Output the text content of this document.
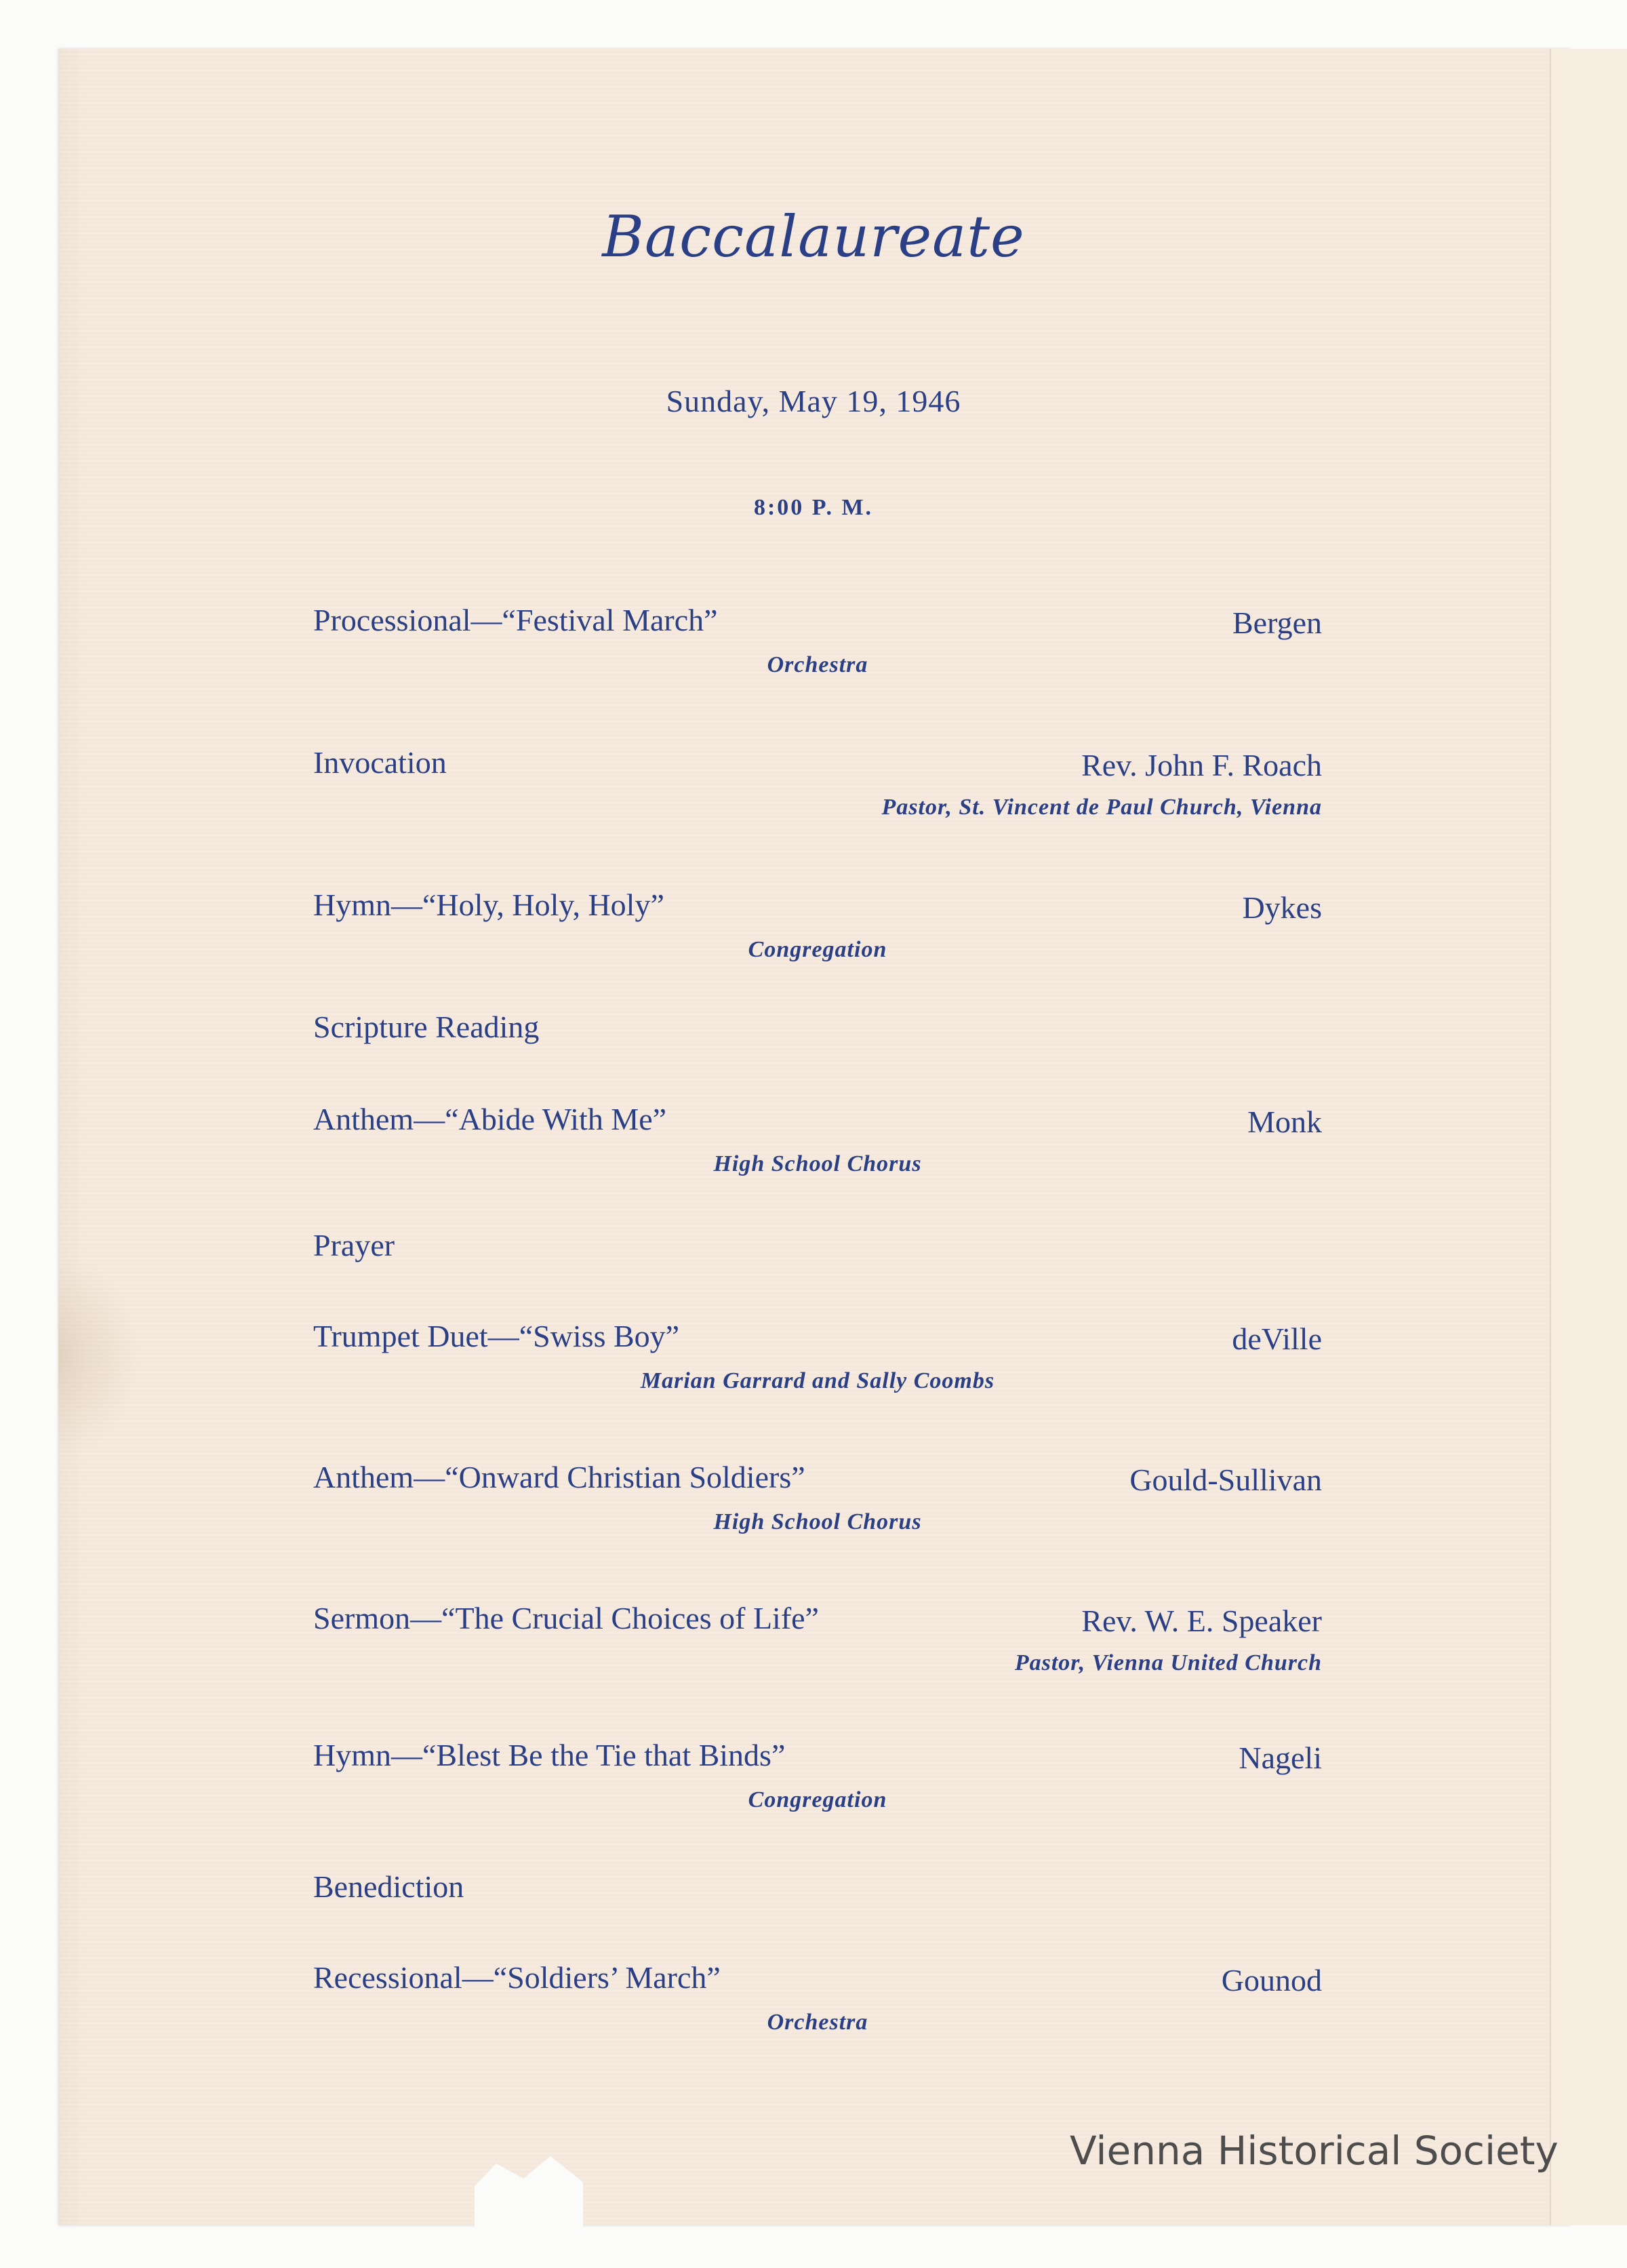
Baccalaureate
Sunday, May 19, 1946
8:00 P. M.
Processional—“Festival March”	Bergen
Orchestra
Invocation	Rev. John F. Roach
Pastor, St. Vincent de Paul Church, Vienna
Hymn—“Holy, Holy, Holy”	Dykes
Congregation
Scripture Reading
Anthem—“Abide With Me”	Monk
High School Chorus
Prayer
Trumpet Duet—“Swiss Boy”	deVille
Marian Garrard and Sally Coombs
Anthem—“Onward Christian Soldiers”	Gould-Sullivan
High School Chorus
Sermon—“The Crucial Choices of Life”	Rev. W. E. Speaker
Pastor, Vienna United Church
Hymn—“Blest Be the Tie that Binds”	Nageli
Congregation
Benediction
Recessional—“Soldiers’ March”	Gounod
Orchestra
Vienna Historical Society
